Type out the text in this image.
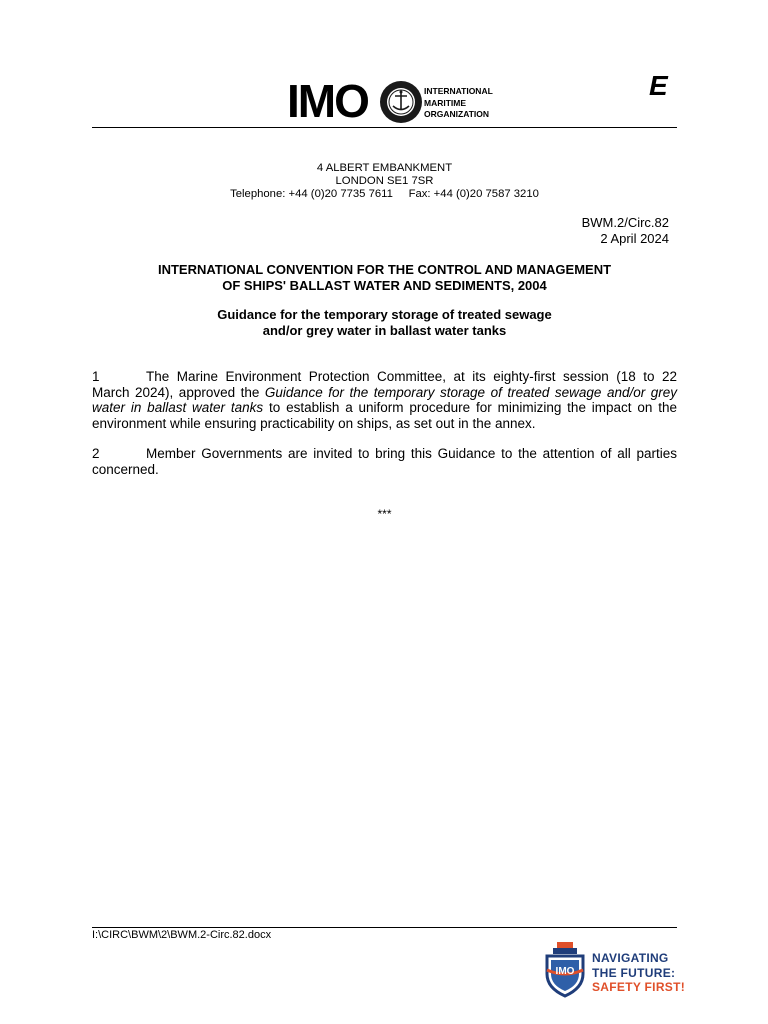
IMO	INTERNATIONAL
MARITIME
ORGANIZATION
E
4 ALBERT EMBANKMENT
LONDON SE1 7SR
Telephone: +44 (0)20 7735 7611     Fax: +44 (0)20 7587 3210
BWM.2/Circ.82
2 April 2024
INTERNATIONAL CONVENTION FOR THE CONTROL AND MANAGEMENT
OF SHIPS' BALLAST WATER AND SEDIMENTS, 2004
Guidance for the temporary storage of treated sewage
and/or grey water in ballast water tanks
1	The Marine Environment Protection Committee, at its eighty-first session (18 to 22 March 2024), approved the Guidance for the temporary storage of treated sewage and/or grey water in ballast water tanks to establish a uniform procedure for minimizing the impact on the environment while ensuring practicability on ships, as set out in the annex.
2	Member Governments are invited to bring this Guidance to the attention of all parties concerned.
***
I:\CIRC\BWM\2\BWM.2-Circ.82.docx
IMO
NAVIGATING
THE FUTURE:
SAFETY FIRST!
